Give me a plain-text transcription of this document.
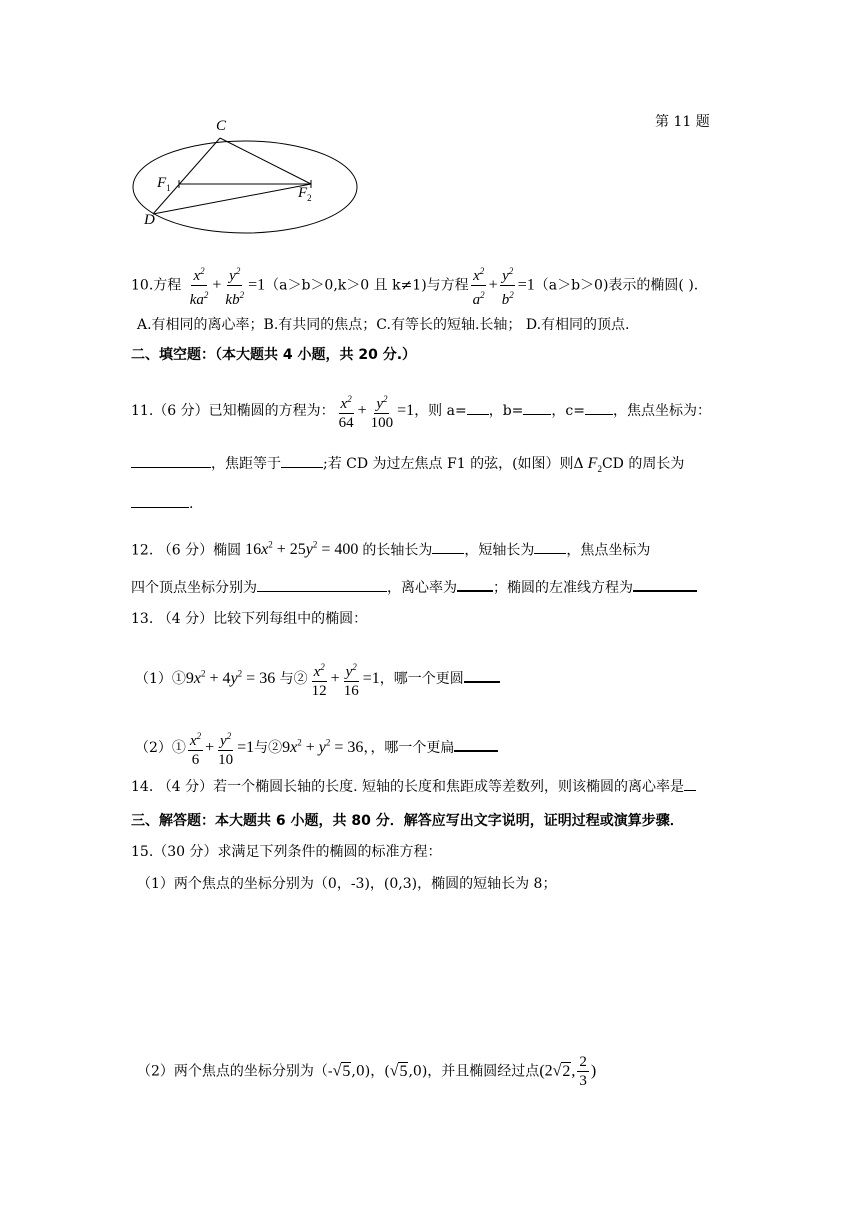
第 11 题
C
$F_1$	$F_2$
D
10.方程 $\frac{x^2}{ka^2} + \frac{y^2}{kb^2} =1(a>b>0,k>0$ 且 k≠1)与方程 $\frac{x^2}{a^2} + \frac{y^2}{b^2} =1(a>b>0)$表示的椭圆( ).
A.有相同的离心率；B.有共同的焦点；C.有等长的短轴.长轴； D.有相同的顶点.
二、填空题：（本大题共 4 小题，共 20 分.）
11.（6 分）已知椭圆的方程为： $\frac{x^2}{64} + \frac{y^2}{100} =1$，则 a= ，b= ，c= ，焦点坐标为：
，焦距等于	;若 CD 为过左焦点 F1 的弦，(如图）则Δ $F_2CD$ 的周长为
.
12. （6 分）椭圆 $16x^2 + 25y^2 = 400$ 的长轴长为 ，短轴长为 ，焦点坐标为
四个顶点坐标分别为	，离心率为	；椭圆的左准线方程为
13. （4 分）比较下列每组中的椭圆：
$(1)①9x^2 + 4y^2 = 36$ 与② $\frac{x^2}{12} + \frac{y^2}{16} =1$，哪一个更圆
（2）① $\frac{x^2}{6} + \frac{y^2}{10} =1$与$②9x^2 + y^2 = 36$，，哪一个更扁
14. （4 分）若一个椭圆长轴的长度. 短轴的长度和焦距成等差数列，则该椭圆的离心率是
三、解答题：本大题共 6 小题，共 80 分．解答应写出文字说明，证明过程或演算步骤．
15.（30 分）求满足下列条件的椭圆的标准方程：
（1）两个焦点的坐标分别为（0，-3)，(0,3)，椭圆的短轴长为 8；
（2）两个焦点的坐标分别为（-√5,0)，(√5,0)，并且椭圆经过点(2√2, $\frac{2}{3}$ )
